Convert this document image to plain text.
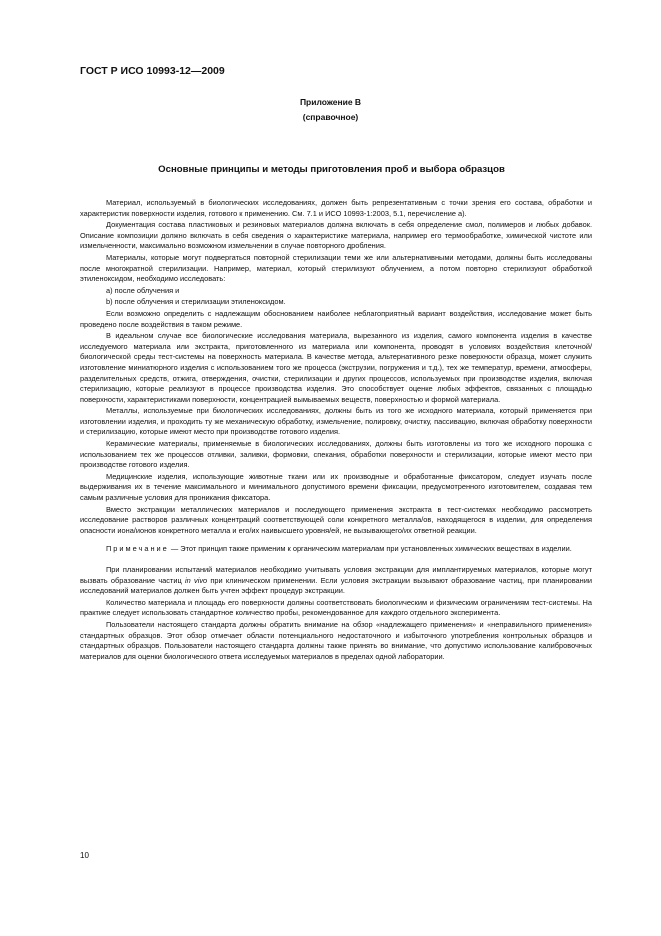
ГОСТ Р ИСО 10993-12—2009
Приложение В
(справочное)
Основные принципы и методы приготовления проб и выбора образцов

Материал, используемый в биологических исследованиях, должен быть репрезентативным с точки зрения его состава, обработки и характеристик поверхности изделия, готового к применению. См. 7.1 и ИСО 10993-1:2003, 5.1, перечисление а).

Документация состава пластиковых и резиновых материалов должна включать в себя определение смол, полимеров и любых добавок. Описание композиции должно включать в себя сведения о характеристике материала, например его термообработке, химической чистоте или измельченности, максимально возможном измельчении в случае повторного дробления.

Материалы, которые могут подвергаться повторной стерилизации теми же или альтернативными методами, должны быть исследованы после многократной стерилизации. Например, материал, который стерилизуют облучением, а потом повторно стерилизуют обработкой этиленоксидом, необходимо исследовать:

a) после облучения и

b) после облучения и стерилизации этиленоксидом.

Если возможно определить с надлежащим обоснованием наиболее неблагоприятный вариант воздействия, исследование может быть проведено после воздействия в таком режиме.

В идеальном случае все биологические исследования материала, вырезанного из изделия, самого компонента изделия в качестве исследуемого материала или экстракта, приготовленного из материала или компонента, проводят в условиях воздействия клеточной/биологической среды тест-системы на поверхность материала. В качестве метода, альтернативного резке поверхности образца, может служить изготовление миниатюрного изделия с использованием того же процесса (экструзии, погружения и т.д.), тех же температур, времени, атмосферы, разделительных средств, отжига, отверждения, очистки, стерилизации и других процессов, используемых при производстве изделия, включая стерилизацию, которые реализуют в процессе производства изделия. Это способствует оценке любых эффектов, связанных с площадью поверхности, характеристиками поверхности, концентрацией вымываемых веществ, поверхностью и формой материала.

Металлы, используемые при биологических исследованиях, должны быть из того же исходного материала, который применяется при изготовлении изделия, и проходить ту же механическую обработку, измельчение, полировку, очистку, пассивацию, включая обработку поверхности и стерилизацию, которые имеют место при производстве готового изделия.

Керамические материалы, применяемые в биологических исследованиях, должны быть изготовлены из того же исходного порошка с использованием тех же процессов отливки, заливки, формовки, спекания, обработки поверхности и стерилизации, которые имеют место при производстве готового изделия.

Медицинские изделия, использующие животные ткани или их производные и обработанные фиксатором, следует изучать после выдерживания их в течение максимального и минимального допустимого времени фиксации, предусмотренного изготовителем, создавая тем самым различные условия для проникания фиксатора.

Вместо экстракции металлических материалов и последующего применения экстракта в тест-системах необходимо рассмотреть исследование растворов различных концентраций соответствующей соли конкретного металла/ов, находящегося в изделии, для определения опасности иона/ионов конкретного металла и его/их наивысшего уровня/ей, не вызывающего/их ответной реакции.

Примечание — Этот принцип также применим к органическим материалам при установленных химических веществах в изделии.

При планировании испытаний материалов необходимо учитывать условия экстракции для имплантируемых материалов, которые могут вызвать образование частиц in vivo при клиническом применении. Если условия экстракции вызывают образование частиц, при планировании исследований материалов должен быть учтен эффект процедур экстракции.

Количество материала и площадь его поверхности должны соответствовать биологическим и физическим ограничениям тест-системы. На практике следует использовать стандартное количество пробы, рекомендованное для каждого отдельного эксперимента.

Пользователи настоящего стандарта должны обратить внимание на обзор «надлежащего применения» и «неправильного применения» стандартных образцов. Этот обзор отмечает области потенциального недостаточного и избыточного употребления контрольных образцов и стандартных образцов. Пользователи настоящего стандарта должны также принять во внимание, что допустимо использование калибровочных материалов для оценки биологического ответа исследуемых материалов в пределах одной лаборатории.

10
